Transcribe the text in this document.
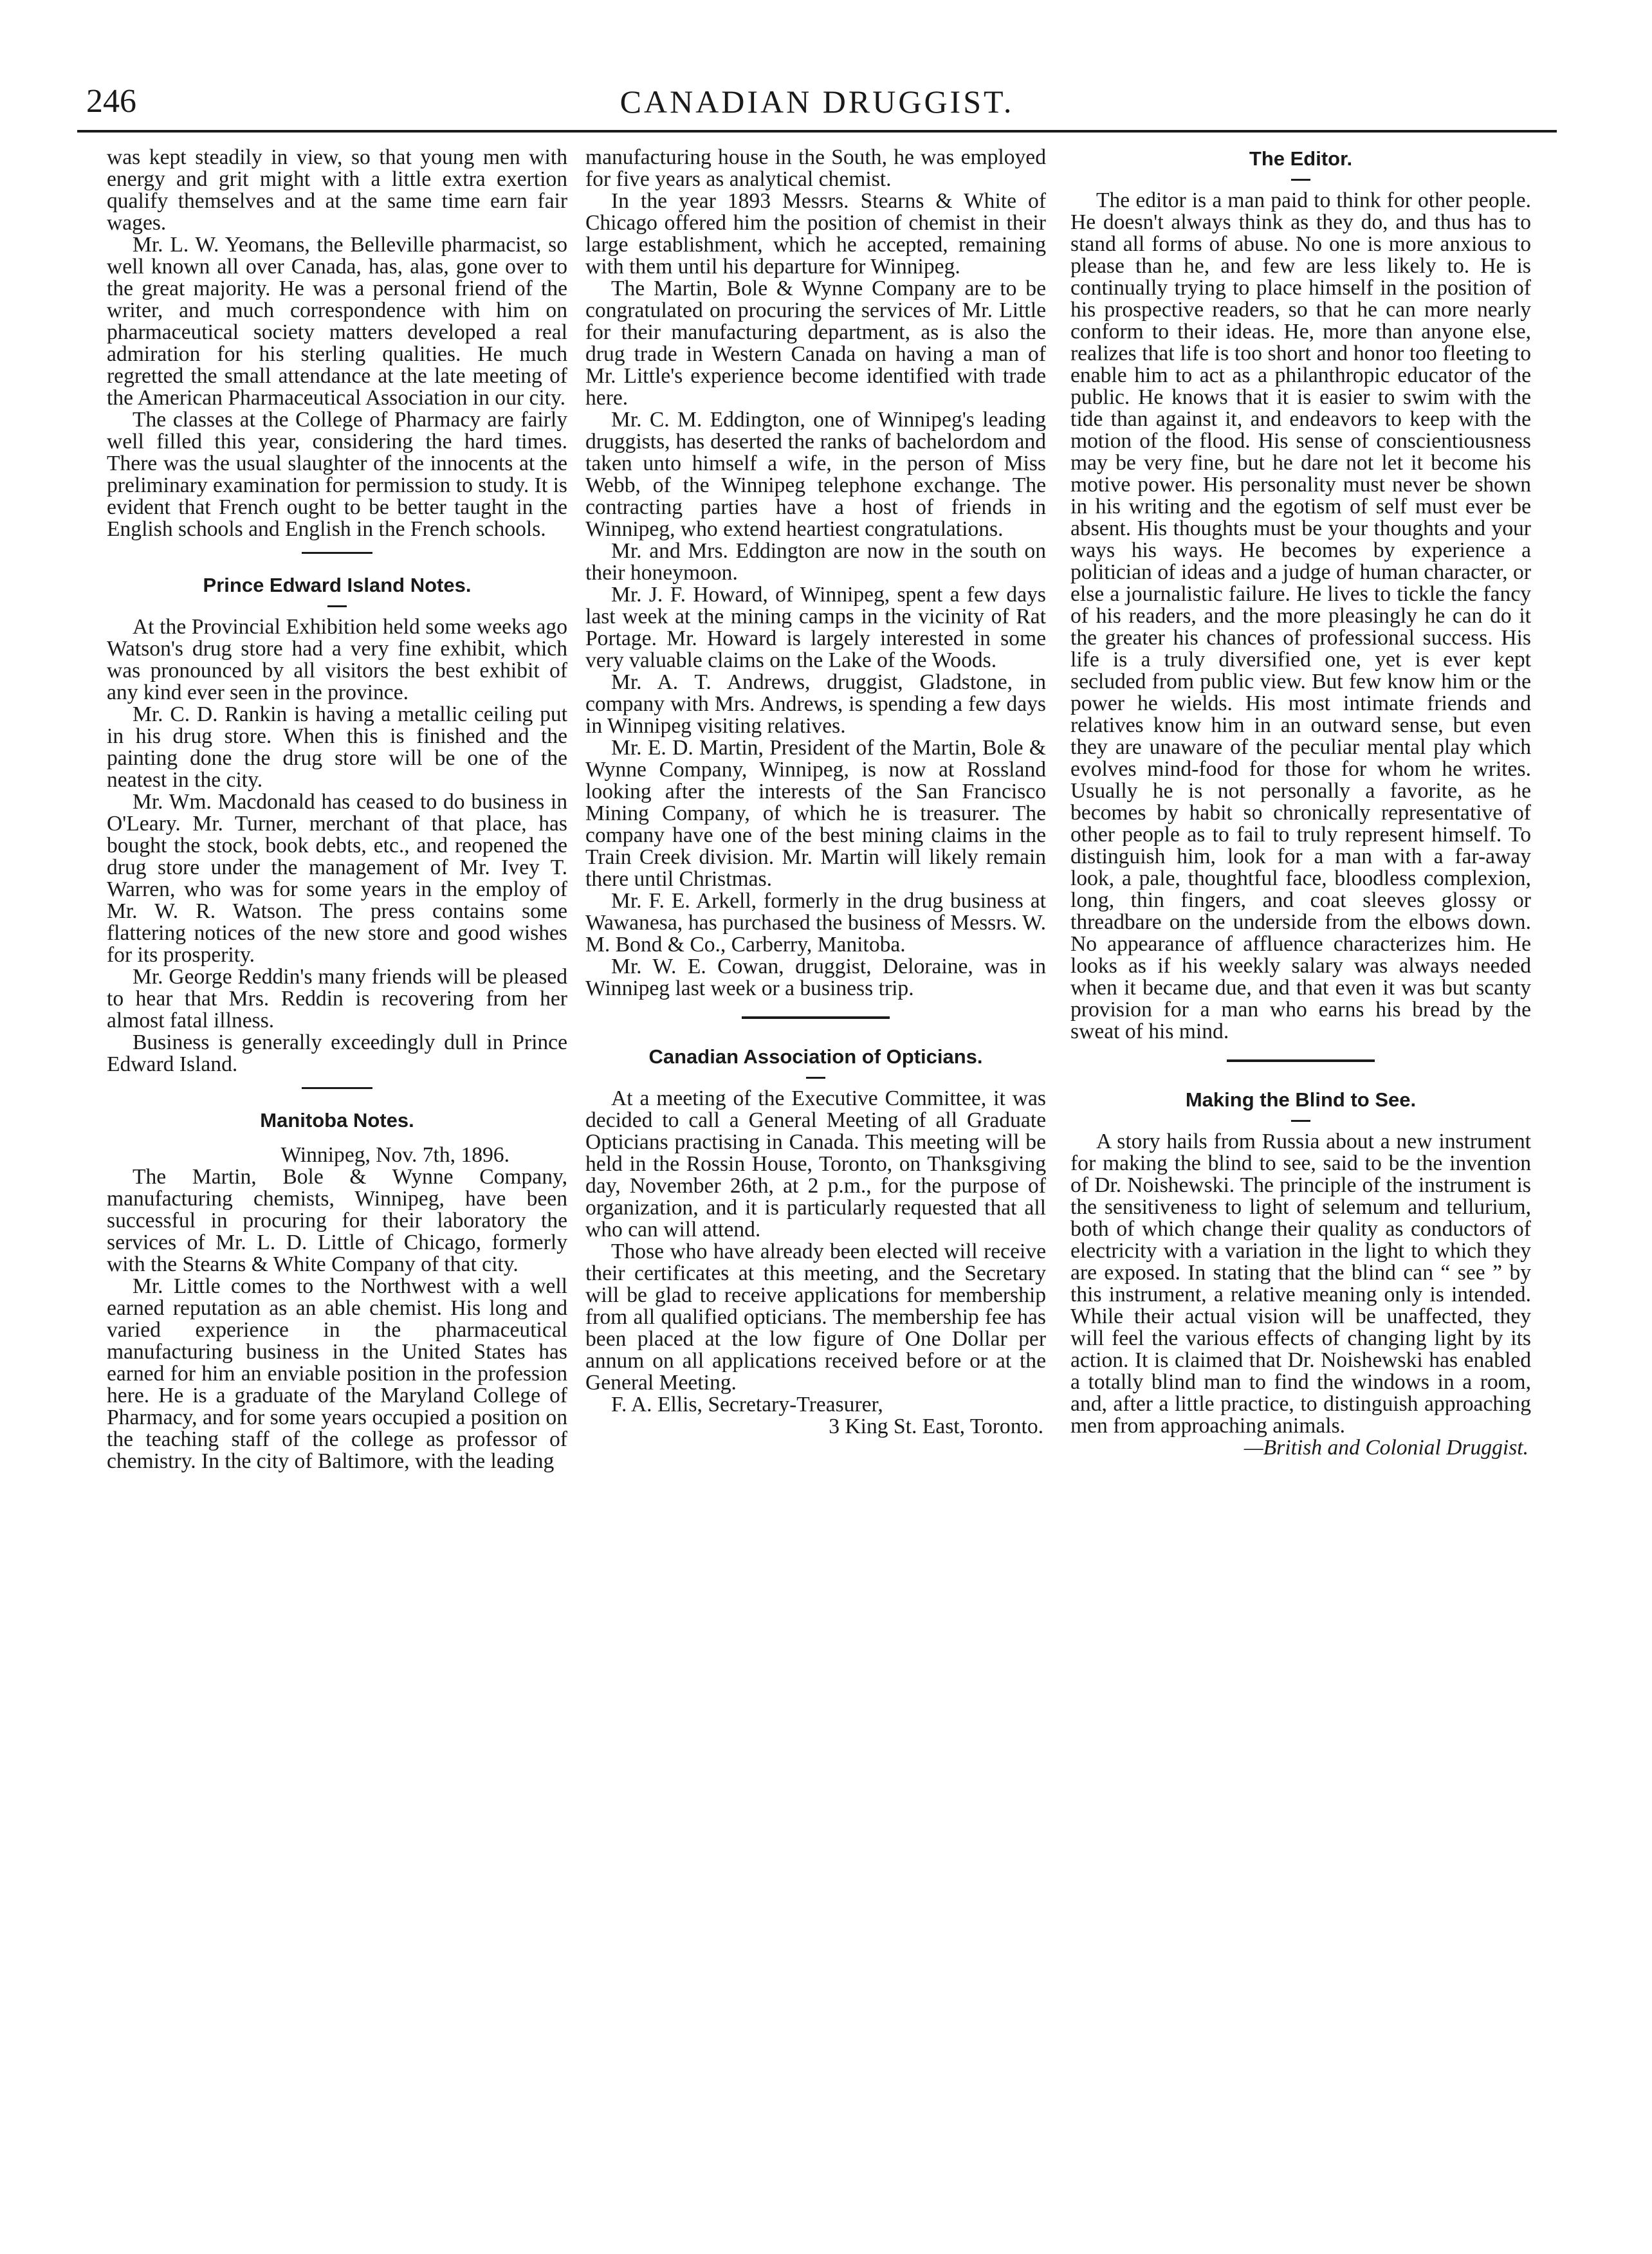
246	CANADIAN DRUGGIST.

was kept steadily in view, so that young men with energy and grit might with a little extra exertion qualify themselves and at the same time earn fair wages.

Mr. L. W. Yeomans, the Belleville pharmacist, so well known all over Canada, has, alas, gone over to the great majority. He was a personal friend of the writer, and much correspondence with him on pharmaceutical society matters developed a real admiration for his sterling qualities. He much regretted the small attendance at the late meeting of the American Pharmaceutical Association in our city.

The classes at the College of Pharmacy are fairly well filled this year, considering the hard times. There was the usual slaughter of the innocents at the preliminary examination for permission to study. It is evident that French ought to be better taught in the English schools and English in the French schools.

Prince Edward Island Notes.

At the Provincial Exhibition held some weeks ago Watson's drug store had a very fine exhibit, which was pronounced by all visitors the best exhibit of any kind ever seen in the province.

Mr. C. D. Rankin is having a metallic ceiling put in his drug store. When this is finished and the painting done the drug store will be one of the neatest in the city.

Mr. Wm. Macdonald has ceased to do business in O'Leary. Mr. Turner, merchant of that place, has bought the stock, book debts, etc., and reopened the drug store under the management of Mr. Ivey T. Warren, who was for some years in the employ of Mr. W. R. Watson. The press contains some flattering notices of the new store and good wishes for its prosperity.

Mr. George Reddin's many friends will be pleased to hear that Mrs. Reddin is recovering from her almost fatal illness.

Business is generally exceedingly dull in Prince Edward Island.

Manitoba Notes.

Winnipeg, Nov. 7th, 1896.

The Martin, Bole & Wynne Company, manufacturing chemists, Winnipeg, have been successful in procuring for their laboratory the services of Mr. L. D. Little of Chicago, formerly with the Stearns & White Company of that city.

Mr. Little comes to the Northwest with a well earned reputation as an able chemist. His long and varied experience in the pharmaceutical manufacturing business in the United States has earned for him an enviable position in the profession here. He is a graduate of the Maryland College of Pharmacy, and for some years occupied a position on the teaching staff of the college as professor of chemistry. In the city of Baltimore, with the leading

manufacturing house in the South, he was employed for five years as analytical chemist.

In the year 1893 Messrs. Stearns & White of Chicago offered him the position of chemist in their large establishment, which he accepted, remaining with them until his departure for Winnipeg.

The Martin, Bole & Wynne Company are to be congratulated on procuring the services of Mr. Little for their manufacturing department, as is also the drug trade in Western Canada on having a man of Mr. Little's experience become identified with trade here.

Mr. C. M. Eddington, one of Winnipeg's leading druggists, has deserted the ranks of bachelordom and taken unto himself a wife, in the person of Miss Webb, of the Winnipeg telephone exchange. The contracting parties have a host of friends in Winnipeg, who extend heartiest congratulations.

Mr. and Mrs. Eddington are now in the south on their honeymoon.

Mr. J. F. Howard, of Winnipeg, spent a few days last week at the mining camps in the vicinity of Rat Portage. Mr. Howard is largely interested in some very valuable claims on the Lake of the Woods.

Mr. A. T. Andrews, druggist, Gladstone, in company with Mrs. Andrews, is spending a few days in Winnipeg visiting relatives.

Mr. E. D. Martin, President of the Martin, Bole & Wynne Company, Winnipeg, is now at Rossland looking after the interests of the San Francisco Mining Company, of which he is treasurer. The company have one of the best mining claims in the Train Creek division. Mr. Martin will likely remain there until Christmas.

Mr. F. E. Arkell, formerly in the drug business at Wawanesa, has purchased the business of Messrs. W. M. Bond & Co., Carberry, Manitoba.

Mr. W. E. Cowan, druggist, Deloraine, was in Winnipeg last week or a business trip.

Canadian Association of Opticians.

At a meeting of the Executive Committee, it was decided to call a General Meeting of all Graduate Opticians practising in Canada. This meeting will be held in the Rossin House, Toronto, on Thanksgiving day, November 26th, at 2 p.m., for the purpose of organization, and it is particularly requested that all who can will attend.

Those who have already been elected will receive their certificates at this meeting, and the Secretary will be glad to receive applications for membership from all qualified opticians. The membership fee has been placed at the low figure of One Dollar per annum on all applications received before or at the General Meeting.

F. A. Ellis, Secretary-Treasurer,

3 King St. East, Toronto.

The Editor.

The editor is a man paid to think for other people. He doesn't always think as they do, and thus has to stand all forms of abuse. No one is more anxious to please than he, and few are less likely to. He is continually trying to place himself in the position of his prospective readers, so that he can more nearly conform to their ideas. He, more than anyone else, realizes that life is too short and honor too fleeting to enable him to act as a philanthropic educator of the public. He knows that it is easier to swim with the tide than against it, and endeavors to keep with the motion of the flood. His sense of conscientiousness may be very fine, but he dare not let it become his motive power. His personality must never be shown in his writing and the egotism of self must ever be absent. His thoughts must be your thoughts and your ways his ways. He becomes by experience a politician of ideas and a judge of human character, or else a journalistic failure. He lives to tickle the fancy of his readers, and the more pleasingly he can do it the greater his chances of professional success. His life is a truly diversified one, yet is ever kept secluded from public view. But few know him or the power he wields. His most intimate friends and relatives know him in an outward sense, but even they are unaware of the peculiar mental play which evolves mind-food for those for whom he writes. Usually he is not personally a favorite, as he becomes by habit so chronically representative of other people as to fail to truly represent himself. To distinguish him, look for a man with a far-away look, a pale, thoughtful face, bloodless complexion, long, thin fingers, and coat sleeves glossy or threadbare on the underside from the elbows down. No appearance of affluence characterizes him. He looks as if his weekly salary was always needed when it became due, and that even it was but scanty provision for a man who earns his bread by the sweat of his mind.

Making the Blind to See.

A story hails from Russia about a new instrument for making the blind to see, said to be the invention of Dr. Noishewski. The principle of the instrument is the sensitiveness to light of selemum and tellurium, both of which change their quality as conductors of electricity with a variation in the light to which they are exposed. In stating that the blind can “ see ” by this instrument, a relative meaning only is intended. While their actual vision will be unaffected, they will feel the various effects of changing light by its action. It is claimed that Dr. Noishewski has enabled a totally blind man to find the windows in a room, and, after a little practice, to distinguish approaching men from approaching animals.

—British and Colonial Druggist.
